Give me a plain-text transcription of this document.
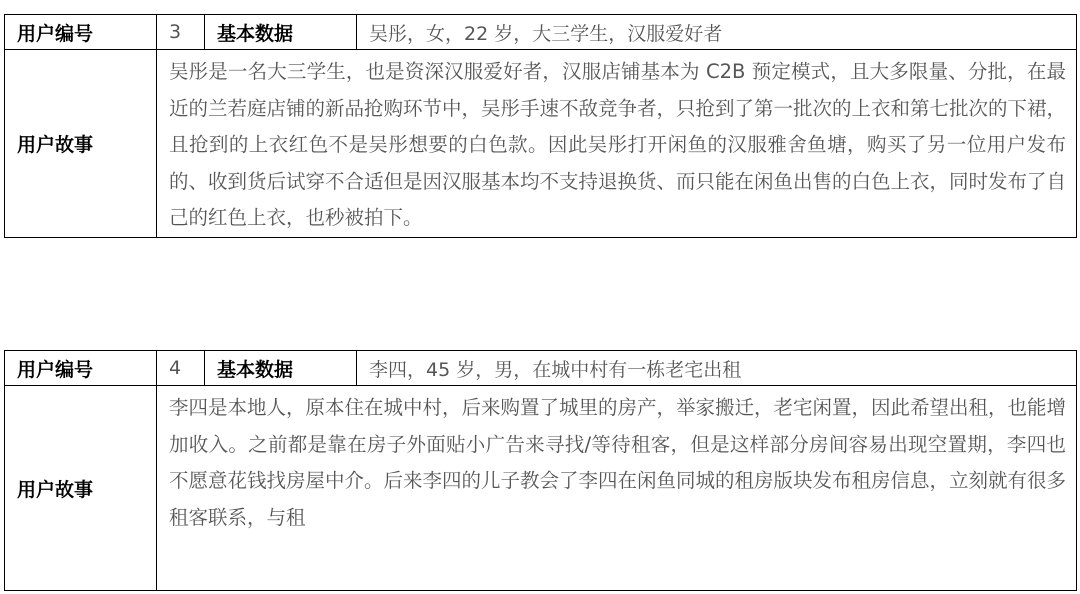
用户编号	3	基本数据	吴彤，女，22 岁，大三学生，汉服爱好者
用户故事	吴彤是一名大三学生，也是资深汉服爱好者，汉服店铺基本为 C2B 预定模式，且大多限量、分批，在最近的兰若庭店铺的新品抢购环节中，吴彤手速不敌竞争者，只抢到了第一批次的上衣和第七批次的下裙，且抢到的上衣红色不是吴彤想要的白色款。因此吴彤打开闲鱼的汉服雅舍鱼塘，购买了另一位用户发布的、收到货后试穿不合适但是因汉服基本均不支持退换货、而只能在闲鱼出售的白色上衣，同时发布了自己的红色上衣，也秒被拍下。		
用户编号	4	基本数据	李四，45 岁，男，在城中村有一栋老宅出租
用户故事	李四是本地人，原本住在城中村，后来购置了城里的房产，举家搬迁，老宅闲置，因此希望出租，也能增加收入。之前都是靠在房子外面贴小广告来寻找/等待租客，但是这样部分房间容易出现空置期，李四也不愿意花钱找房屋中介。后来李四的儿子教会了李四在闲鱼同城的租房版块发布租房信息，立刻就有很多租客联系，与租		
